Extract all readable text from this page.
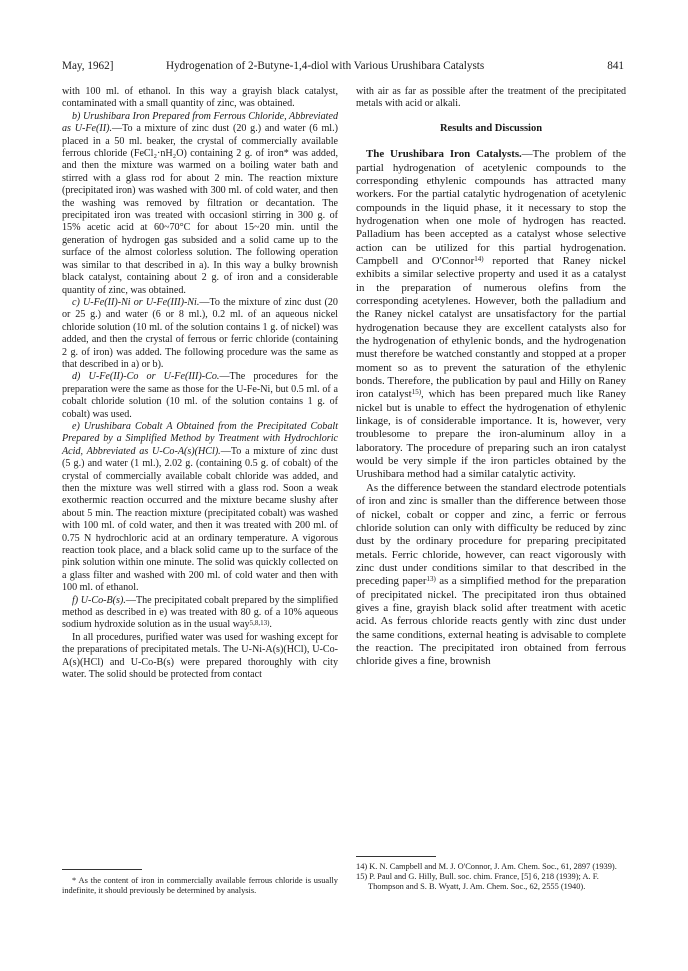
May, 1962]	Hydrogenation of 2-Butyne-1,4-diol with Various Urushibara Catalysts	841

with 100 ml. of ethanol. In this way a grayish black catalyst, contaminated with a small quantity of zinc, was obtained.

b) Urushibara Iron Prepared from Ferrous Chloride, Abbreviated as U-Fe(II).—To a mixture of zinc dust (20 g.) and water (6 ml.) placed in a 50 ml. beaker, the crystal of commercially available ferrous chloride (FeCl₂·nH₂O) containing 2 g. of iron* was added, and then the mixture was warmed on a boiling water bath and stirred with a glass rod for about 2 min. The reaction mixture (precipitated iron) was washed with 300 ml. of cold water, and then the washing was removed by filtration or decantation. The precipitated iron was treated with occasionl stirring in 300 g. of 15% acetic acid at 60~70°C for about 15~20 min. until the generation of hydrogen gas subsided and a solid came up to the surface of the almost colorless solution. The following operation was similar to that described in a). In this way a bulky brownish black catalyst, containing about 2 g. of iron and a considerable quantity of zinc, was obtained.

c) U-Fe(II)-Ni or U-Fe(III)-Ni.—To the mixture of zinc dust (20 or 25 g.) and water (6 or 8 ml.), 0.2 ml. of an aqueous nickel chloride solution (10 ml. of the solution contains 1 g. of nickel) was added, and then the crystal of ferrous or ferric chloride (containing 2 g. of iron) was added. The following procedure was the same as that described in a) or b).

d) U-Fe(II)-Co or U-Fe(III)-Co.—The procedures for the preparation were the same as those for the U-Fe-Ni, but 0.5 ml. of a cobalt chloride solution (10 ml. of the solution contains 1 g. of cobalt) was used.

e) Urushibara Cobalt A Obtained from the Precipitated Cobalt Prepared by a Simplified Method by Treatment with Hydrochloric Acid, Abbreviated as U-Co-A(s)(HCl).—To a mixture of zinc dust (5 g.) and water (1 ml.), 2.02 g. (containing 0.5 g. of cobalt) of the crystal of commercially available cobalt chloride was added, and then the mixture was well stirred with a glass rod. Soon a weak exothermic reaction occurred and the mixture became slushy after about 5 min. The reaction mixture (precipitated cobalt) was washed with 100 ml. of cold water, and then it was treated with 200 ml. of 0.75 N hydrochloric acid at an ordinary temperature. A vigorous reaction took place, and a black solid came up to the surface of the pink solution within one minute. The solid was quickly collected on a glass filter and washed with 200 ml. of cold water and then with 100 ml. of ethanol.

f) U-Co-B(s).—The precipitated cobalt prepared by the simplified method as described in e) was treated with 80 g. of a 10% aqueous sodium hydroxide solution as in the usual way$^{5,8,13)}$.

In all procedures, purified water was used for washing except for the preparations of precipitated metals. The U-Ni-A(s)(HCl), U-Co-A(s)(HCl) and U-Co-B(s) were prepared thoroughly with city water. The solid should be protected from contact

with air as far as possible after the treatment of the precipitated metals with acid or alkali.

Results and Discussion

The Urushibara Iron Catalysts.—The problem of the partial hydrogenation of acetylenic compounds to the corresponding ethylenic compounds has attracted many workers. For the partial catalytic hydrogenation of acetylenic compounds in the liquid phase, it it necessary to stop the hydrogenation when one mole of hydrogen has reacted. Palladium has been accepted as a catalyst whose selective action can be utilized for this partial hydrogenation. Campbell and O'Connor$^{14)}$ reported that Raney nickel exhibits a similar selective property and used it as a catalyst in the preparation of numerous olefins from the corresponding acetylenes. However, both the palladium and the Raney nickel catalyst are unsatisfactory for the partial hydrogenation because they are excellent catalysts also for the hydrogenation of ethylenic bonds, and the hydrogenation must therefore be watched constantly and stopped at a proper moment so as to prevent the saturation of the ethylenic bonds. Therefore, the publication by paul and Hilly on Raney iron catalyst$^{15)}$, which has been prepared much like Raney nickel but is unable to effect the hydrogenation of ethylenic linkage, is of considerable importance. It is, however, very troublesome to prepare the iron-aluminum alloy in a laboratory. The procedure of preparing such an iron catalyst would be very simple if the iron particles obtained by the Urushibara method had a similar catalytic activity.

As the difference between the standard electrode potentials of iron and zinc is smaller than the difference between those of nickel, cobalt or copper and zinc, a ferric or ferrous chloride solution can only with difficulty be reduced by zinc dust by the ordinary procedure for preparing precipitated metals. Ferric chloride, however, can react vigorously with zinc dust under conditions similar to that described in the preceding paper$^{13)}$ as a simplified method for the preparation of precipitated nickel. The precipitated iron thus obtained gives a fine, grayish black solid after treatment with acetic acid. As ferrous chloride reacts gently with zinc dust under the same conditions, external heating is advisable to complete the reaction. The precipitated iron obtained from ferrous chloride gives a fine, brownish

* As the content of iron in commercially available ferrous chloride is usually indefinite, it should previously be determined by analysis.

14) K. N. Campbell and M. J. O'Connor, J. Am. Chem. Soc., 61, 2897 (1939).

15) P. Paul and G. Hilly, Bull. soc. chim. France, [5] 6, 218 (1939); A. F. Thompson and S. B. Wyatt, J. Am. Chem. Soc., 62, 2555 (1940).
